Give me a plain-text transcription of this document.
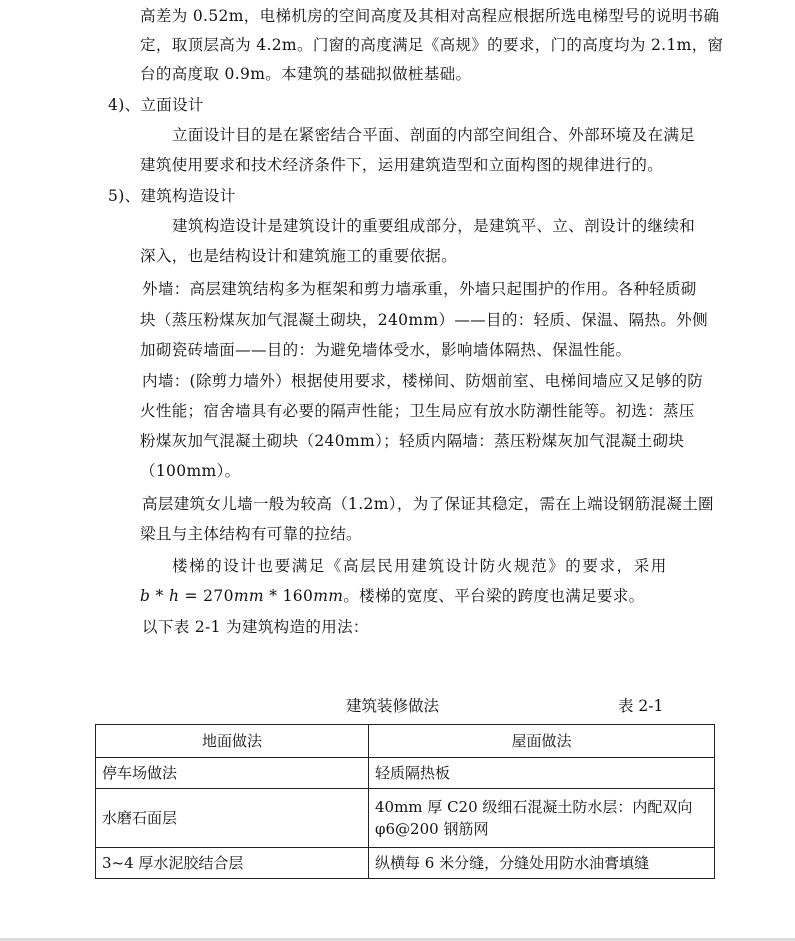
高差为 0.52m，电梯机房的空间高度及其相对高程应根据所选电梯型号的说明书确
定，取顶层高为 4.2m。门窗的高度满足《高规》的要求，门的高度均为 2.1m，窗
台的高度取 0.9m。本建筑的基础拟做桩基础。
4)、立面设计
立面设计目的是在紧密结合平面、剖面的内部空间组合、外部环境及在满足
建筑使用要求和技术经济条件下，运用建筑造型和立面构图的规律进行的。
5)、建筑构造设计
建筑构造设计是建筑设计的重要组成部分，是建筑平、立、剖设计的继续和
深入，也是结构设计和建筑施工的重要依据。
外墙：高层建筑结构多为框架和剪力墙承重，外墙只起围护的作用。各种轻质砌
块（蒸压粉煤灰加气混凝土砌块，240mm）——目的：轻质、保温、隔热。外侧
加砌瓷砖墙面——目的：为避免墙体受水，影响墙体隔热、保温性能。
内墙：(除剪力墙外）根据使用要求，楼梯间、防烟前室、电梯间墙应又足够的防
火性能；宿舍墙具有必要的隔声性能；卫生局应有放水防潮性能等。初选：蒸压
粉煤灰加气混凝土砌块（240mm）；轻质内隔墙：蒸压粉煤灰加气混凝土砌块
（100mm）。
高层建筑女儿墙一般为较高（1.2m），为了保证其稳定，需在上端设钢筋混凝土圈
梁且与主体结构有可靠的拉结。
楼梯的设计也要满足《高层民用建筑设计防火规范》的要求，采用
b * h = 270mm * 160mm。楼梯的宽度、平台梁的跨度也满足要求。
以下表 2-1 为建筑构造的用法：
建筑装修做法	表 2-1
地面做法	屋面做法
停车场做法	轻质隔热板
水磨石面层	40mm 厚 C20 级细石混凝土防水层：内配双向φ6@200 钢筋网
3~4 厚水泥胶结合层	纵横每 6 米分缝，分缝处用防水油膏填缝
